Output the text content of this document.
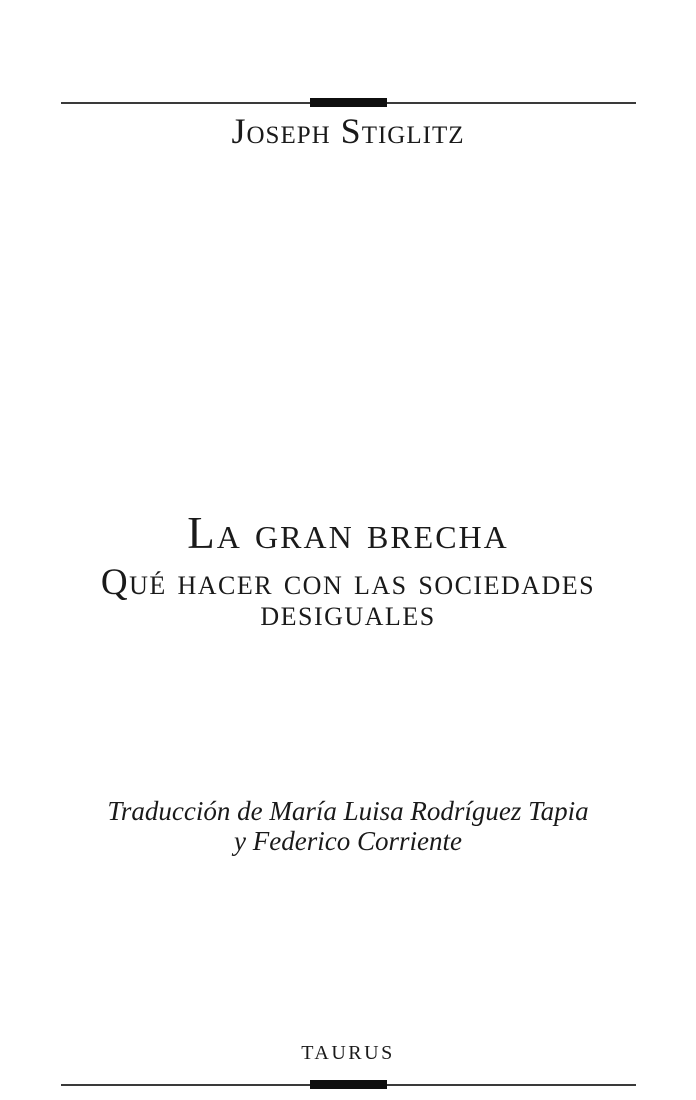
Joseph Stiglitz
La gran brecha
Qué hacer con las sociedades
desiguales
Traducción de María Luisa Rodríguez Tapia
y Federico Corriente
TAURUS
